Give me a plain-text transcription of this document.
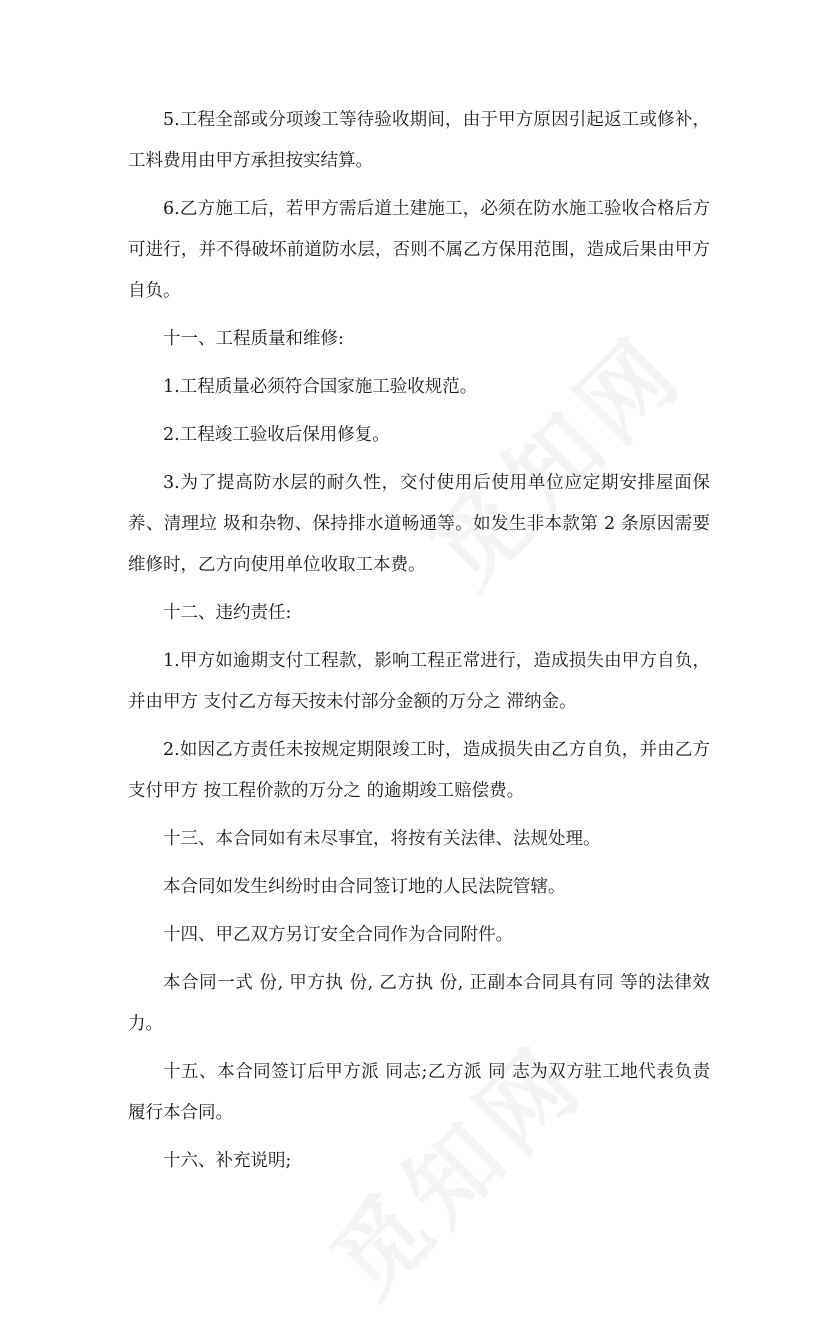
5.工程全部或分项竣工等待验收期间，由于甲方原因引起返工或修补，工料费用由甲方承担按实结算。

6.乙方施工后，若甲方需后道土建施工，必须在防水施工验收合格后方可进行，并不得破坏前道防水层，否则不属乙方保用范围，造成后果由甲方自负。

十一、工程质量和维修:

1.工程质量必须符合国家施工验收规范。

2.工程竣工验收后保用修复。

3.为了提高防水层的耐久性，交付使用后使用单位应定期安排屋面保养、清理垃 圾和杂物、保持排水道畅通等。如发生非本款第 2 条原因需要维修时，乙方向使用单位收取工本费。

十二、违约责任:

1.甲方如逾期支付工程款，影响工程正常进行，造成损失由甲方自负，并由甲方 支付乙方每天按未付部分金额的万分之 滞纳金。

2.如因乙方责任未按规定期限竣工时，造成损失由乙方自负，并由乙方支付甲方 按工程价款的万分之 的逾期竣工赔偿费。

十三、本合同如有未尽事宜，将按有关法律、法规处理。

本合同如发生纠纷时由合同签订地的人民法院管辖。

十四、甲乙双方另订安全合同作为合同附件。

本合同一式 份, 甲方执 份, 乙方执 份, 正副本合同具有同 等的法律效力。

十五、本合同签订后甲方派 同志;乙方派 同 志为双方驻工地代表负责履行本合同。

十六、补充说明;
